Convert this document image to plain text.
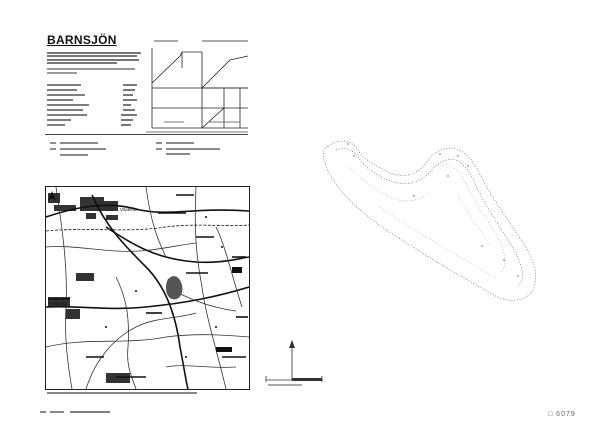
BARNSJÖN
Västerås
Hallstaha
□ 6079
